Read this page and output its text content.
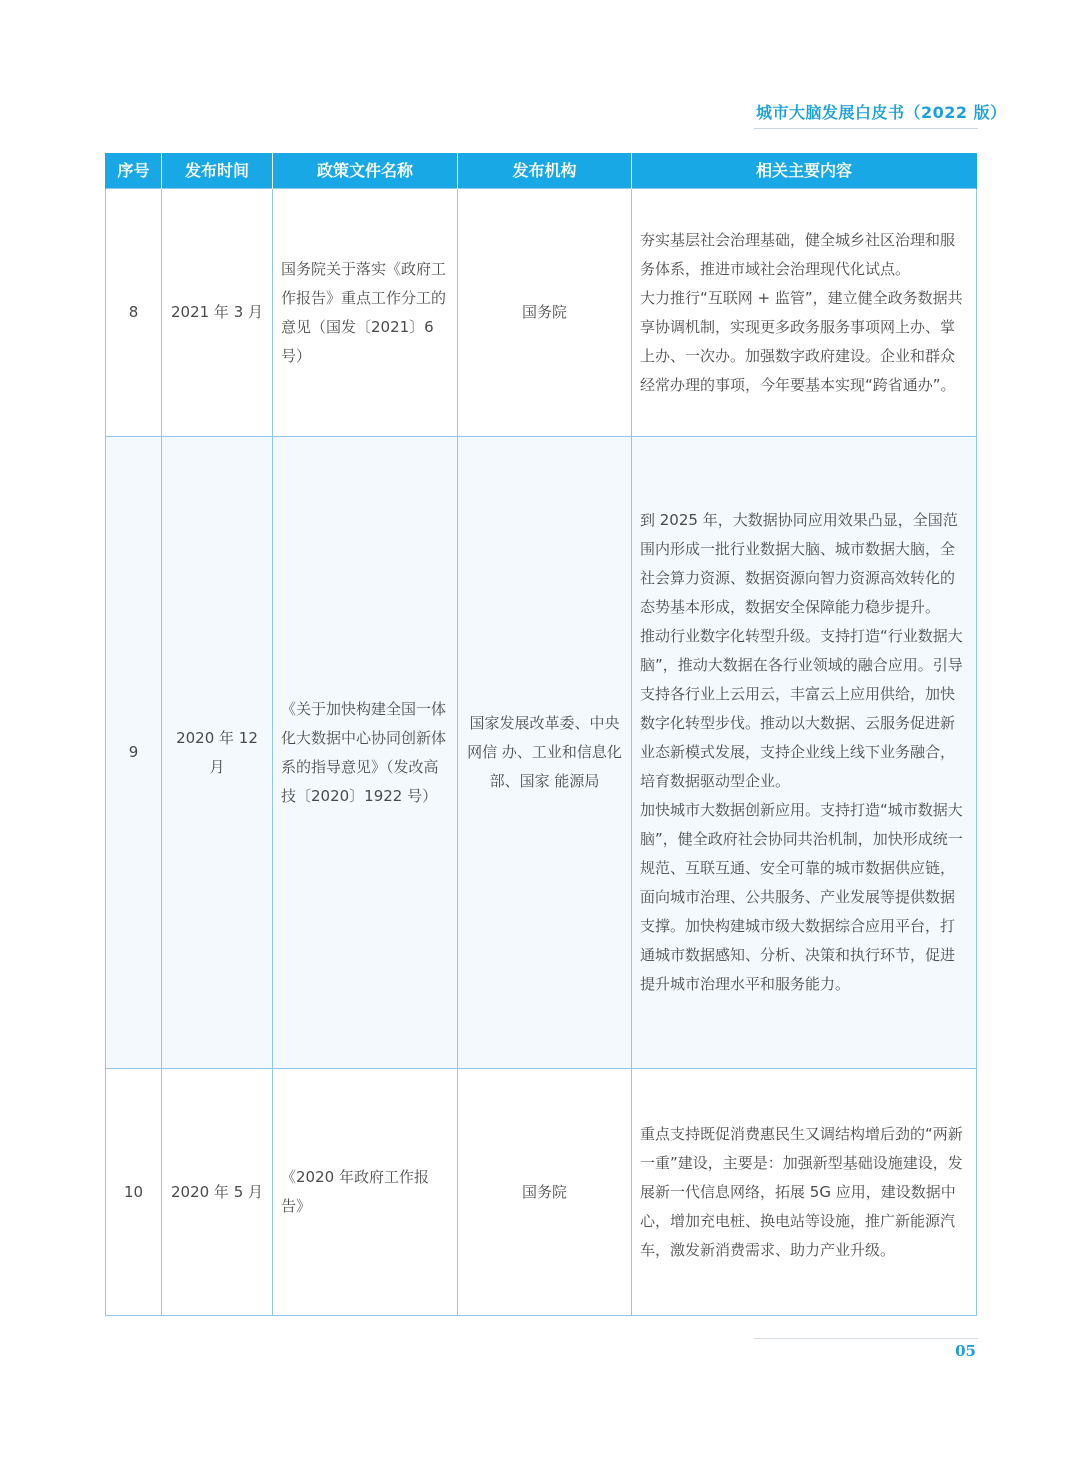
城市大脑发展白皮书（2022 版）
序号	发布时间	政策文件名称	发布机构	相关主要内容
8	2021 年 3 月	国务院关于落实《政府工作报告》重点工作分工的意见（国发〔2021〕6 号）	国务院	夯实基层社会治理基础，健全城乡社区治理和服务体系，推进市域社会治理现代化试点。
大力推行“互联网 + 监管”，建立健全政务数据共享协调机制，实现更多政务服务事项网上办、掌上办、一次办。加强数字政府建设。企业和群众经常办理的事项，今年要基本实现“跨省通办”。

9	2020 年 12 月	《关于加快构建全国一体化大数据中心协同创新体系的指导意见》（发改高技〔2020〕1922 号）	国家发展改革委、中央网信 办、工业和信息化部、国家 能源局	到 2025 年，大数据协同应用效果凸显，全国范围内形成一批行业数据大脑、城市数据大脑，全社会算力资源、数据资源向智力资源高效转化的态势基本形成，数据安全保障能力稳步提升。
推动行业数字化转型升级。支持打造“行业数据大脑”，推动大数据在各行业领域的融合应用。引导支持各行业上云用云，丰富云上应用供给，加快数字化转型步伐。推动以大数据、云服务促进新业态新模式发展，支持企业线上线下业务融合，培育数据驱动型企业。
加快城市大数据创新应用。支持打造“城市数据大脑”，健全政府社会协同共治机制，加快形成统一规范、互联互通、安全可靠的城市数据供应链，面向城市治理、公共服务、产业发展等提供数据支撑。加快构建城市级大数据综合应用平台，打通城市数据感知、分析、决策和执行环节，促进提升城市治理水平和服务能力。

10	2020 年 5 月	《2020 年政府工作报告》	国务院	重点支持既促消费惠民生又调结构增后劲的“两新一重”建设，主要是：加强新型基础设施建设，发展新一代信息网络，拓展 5G 应用，建设数据中心，增加充电桩、换电站等设施，推广新能源汽车，激发新消费需求、助力产业升级。
05
